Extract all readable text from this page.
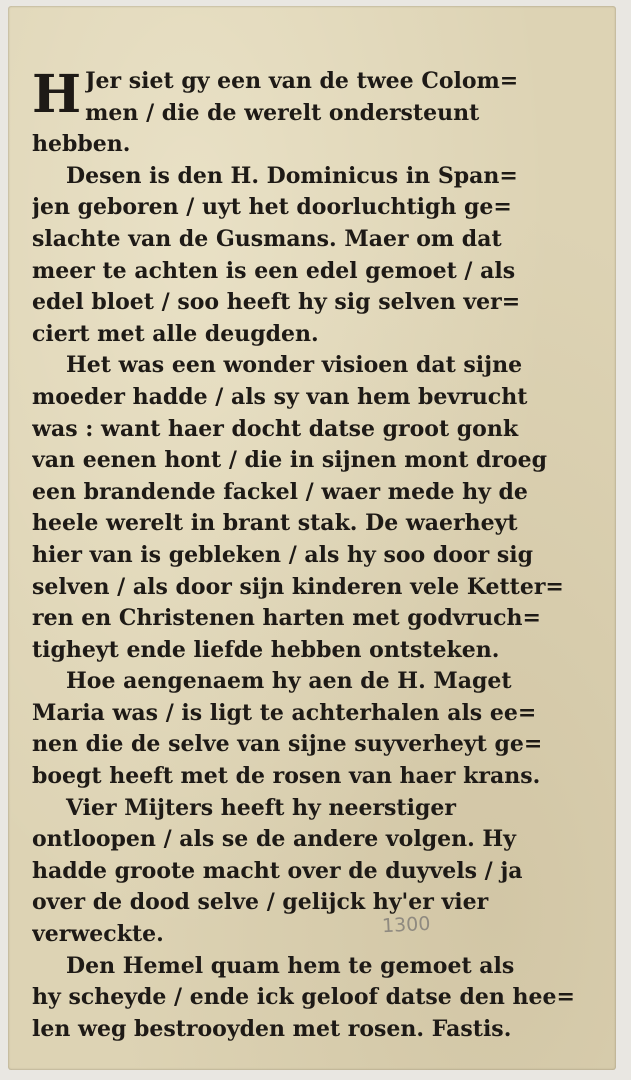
H Jer siet gy een van de twee Colom=
men / die de werelt ondersteunt
hebben.
Desen is den H. Dominicus in Span=
jen geboren / uyt het doorluchtigh ge=
slachte van de Gusmans. Maer om dat
meer te achten is een edel gemoet / als
edel bloet / soo heeft hy sig selven ver=
ciert met alle deugden.
Het was een wonder visioen dat sijne
moeder hadde / als sy van hem bevrucht
was : want haer docht datse groot gonk
van eenen hont / die in sijnen mont droeg
een brandende fackel / waer mede hy de
heele werelt in brant stak. De waerheyt
hier van is gebleken / als hy soo door sig
selven / als door sijn kinderen vele Ketter=
ren en Christenen harten met godvruch=
tigheyt ende liefde hebben ontsteken.
Hoe aengenaem hy aen de H. Maget
Maria was / is ligt te achterhalen als ee=
nen die de selve van sijne suyverheyt ge=
boegt heeft met de rosen van haer krans.
Vier Mijters heeft hy neerstiger
ontloopen / als se de andere volgen. Hy
hadde groote macht over de duyvels / ja
over de dood selve / gelijck hy'er vier
verweckte.
Den Hemel quam hem te gemoet als
hy scheyde / ende ick geloof datse den hee=
len weg bestrooyden met rosen. Fastis.
1300
